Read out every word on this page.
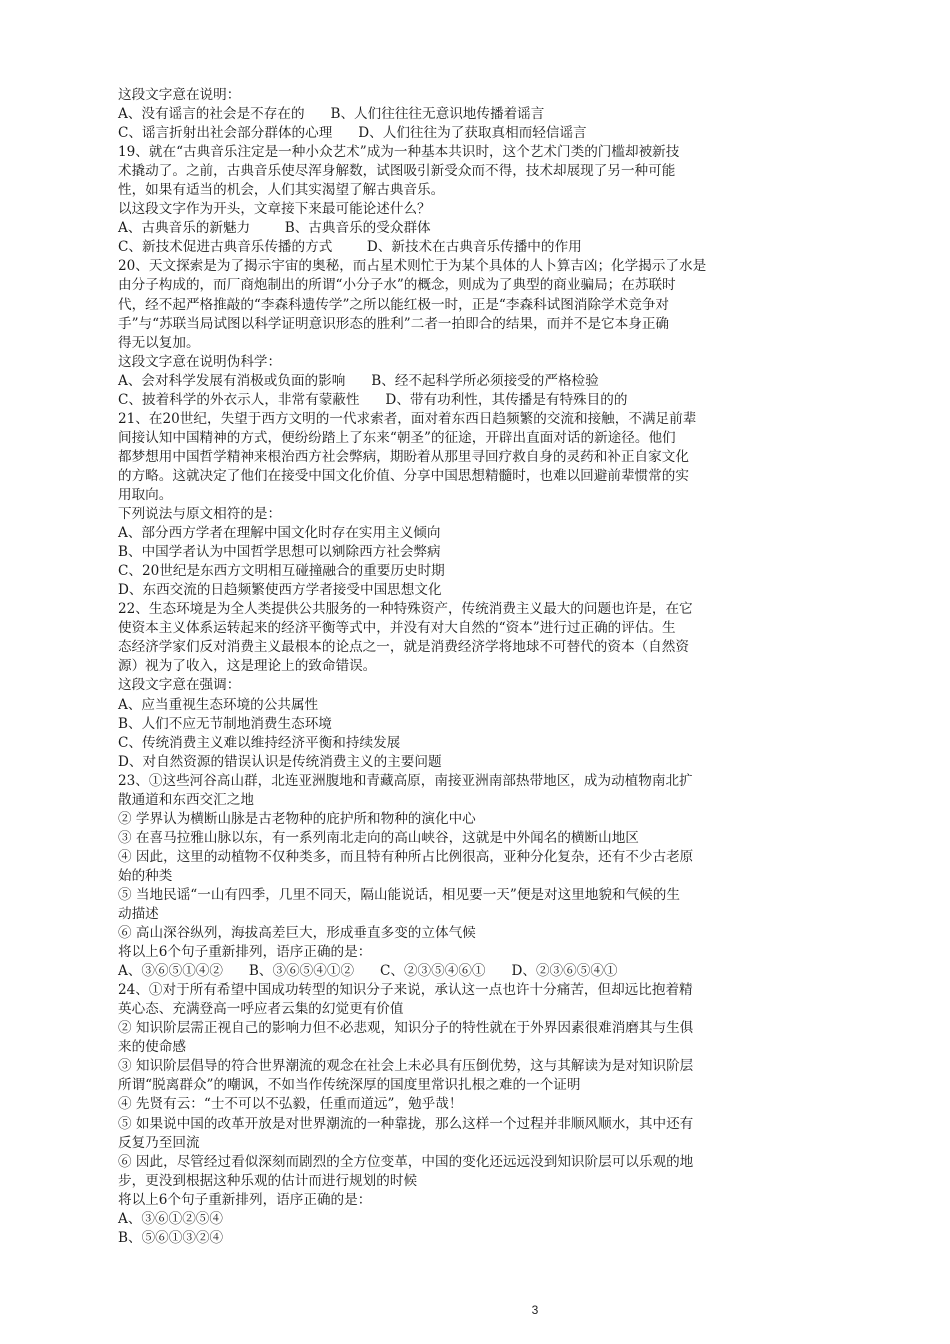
这段文字意在说明：
A、没有谣言的社会是不存在的      B、人们往往往无意识地传播着谣言
C、谣言折射出社会部分群体的心理      D、人们往往为了获取真相而轻信谣言
19、就在“古典音乐注定是一种小众艺术”成为一种基本共识时，这个艺术门类的门槛却被新技
术撬动了。之前，古典音乐使尽浑身解数，试图吸引新受众而不得，技术却展现了另一种可能
性，如果有适当的机会，人们其实渴望了解古典音乐。
以这段文字作为开头，文章接下来最可能论述什么？
A、古典音乐的新魅力        B、古典音乐的受众群体
C、新技术促进古典音乐传播的方式        D、新技术在古典音乐传播中的作用
20、天文探索是为了揭示宇宙的奥秘，而占星术则忙于为某个具体的人卜算吉凶；化学揭示了水是
由分子构成的，而厂商炮制出的所谓“小分子水”的概念，则成为了典型的商业骗局；在苏联时
代，经不起严格推敲的“李森科遗传学”之所以能红极一时，正是“李森科试图消除学术竞争对
手”与“苏联当局试图以科学证明意识形态的胜利”二者一拍即合的结果，而并不是它本身正确
得无以复加。
这段文字意在说明伪科学：
A、会对科学发展有消极或负面的影响      B、经不起科学所必须接受的严格检验
C、披着科学的外衣示人，非常有蒙蔽性      D、带有功利性，其传播是有特殊目的的
21、在20世纪，失望于西方文明的一代求索者，面对着东西日趋频繁的交流和接触，不满足前辈
间接认知中国精神的方式，便纷纷踏上了东来“朝圣”的征途，开辟出直面对话的新途径。他们
都梦想用中国哲学精神来根治西方社会弊病，期盼着从那里寻回疗救自身的灵药和补正自家文化
的方略。这就决定了他们在接受中国文化价值、分享中国思想精髓时，也难以回避前辈惯常的实
用取向。
下列说法与原文相符的是：
A、部分西方学者在理解中国文化时存在实用主义倾向
B、中国学者认为中国哲学思想可以剜除西方社会弊病
C、20世纪是东西方文明相互碰撞融合的重要历史时期
D、东西交流的日趋频繁使西方学者接受中国思想文化
22、生态环境是为全人类提供公共服务的一种特殊资产，传统消费主义最大的问题也许是，在它
使资本主义体系运转起来的经济平衡等式中，并没有对大自然的“资本”进行过正确的评估。生
态经济学家们反对消费主义最根本的论点之一，就是消费经济学将地球不可替代的资本（自然资
源）视为了收入，这是理论上的致命错误。
这段文字意在强调：
A、应当重视生态环境的公共属性
B、人们不应无节制地消费生态环境
C、传统消费主义难以维持经济平衡和持续发展
D、对自然资源的错误认识是传统消费主义的主要问题
23、①这些河谷高山群，北连亚洲腹地和青藏高原，南接亚洲南部热带地区，成为动植物南北扩
散通道和东西交汇之地
② 学界认为横断山脉是古老物种的庇护所和物种的演化中心
③ 在喜马拉雅山脉以东，有一系列南北走向的高山峡谷，这就是中外闻名的横断山地区
④ 因此，这里的动植物不仅种类多，而且特有种所占比例很高，亚种分化复杂，还有不少古老原
始的种类
⑤ 当地民谣“一山有四季，几里不同天，隔山能说话，相见要一天”便是对这里地貌和气候的生
动描述
⑥ 高山深谷纵列，海拔高差巨大，形成垂直多变的立体气候
将以上6个句子重新排列，语序正确的是：
A、③⑥⑤①④②      B、③⑥⑤④①②      C、②③⑤④⑥①      D、②③⑥⑤④①
24、①对于所有希望中国成功转型的知识分子来说，承认这一点也许十分痛苦，但却远比抱着精
英心态、充满登高一呼应者云集的幻觉更有价值
② 知识阶层需正视自己的影响力但不必悲观，知识分子的特性就在于外界因素很难消磨其与生俱
来的使命感
③ 知识阶层倡导的符合世界潮流的观念在社会上未必具有压倒优势，这与其解读为是对知识阶层
所谓“脱离群众”的嘲讽，不如当作传统深厚的国度里常识扎根之难的一个证明
④ 先贤有云：“士不可以不弘毅，任重而道远”，勉乎哉！
⑤ 如果说中国的改革开放是对世界潮流的一种靠拢，那么这样一个过程并非顺风顺水，其中还有
反复乃至回流
⑥ 因此，尽管经过看似深刻而剧烈的全方位变革，中国的变化还远远没到知识阶层可以乐观的地
步，更没到根据这种乐观的估计而进行规划的时候
将以上6个句子重新排列，语序正确的是：
A、③⑥①②⑤④
B、⑤⑥①③②④
3
